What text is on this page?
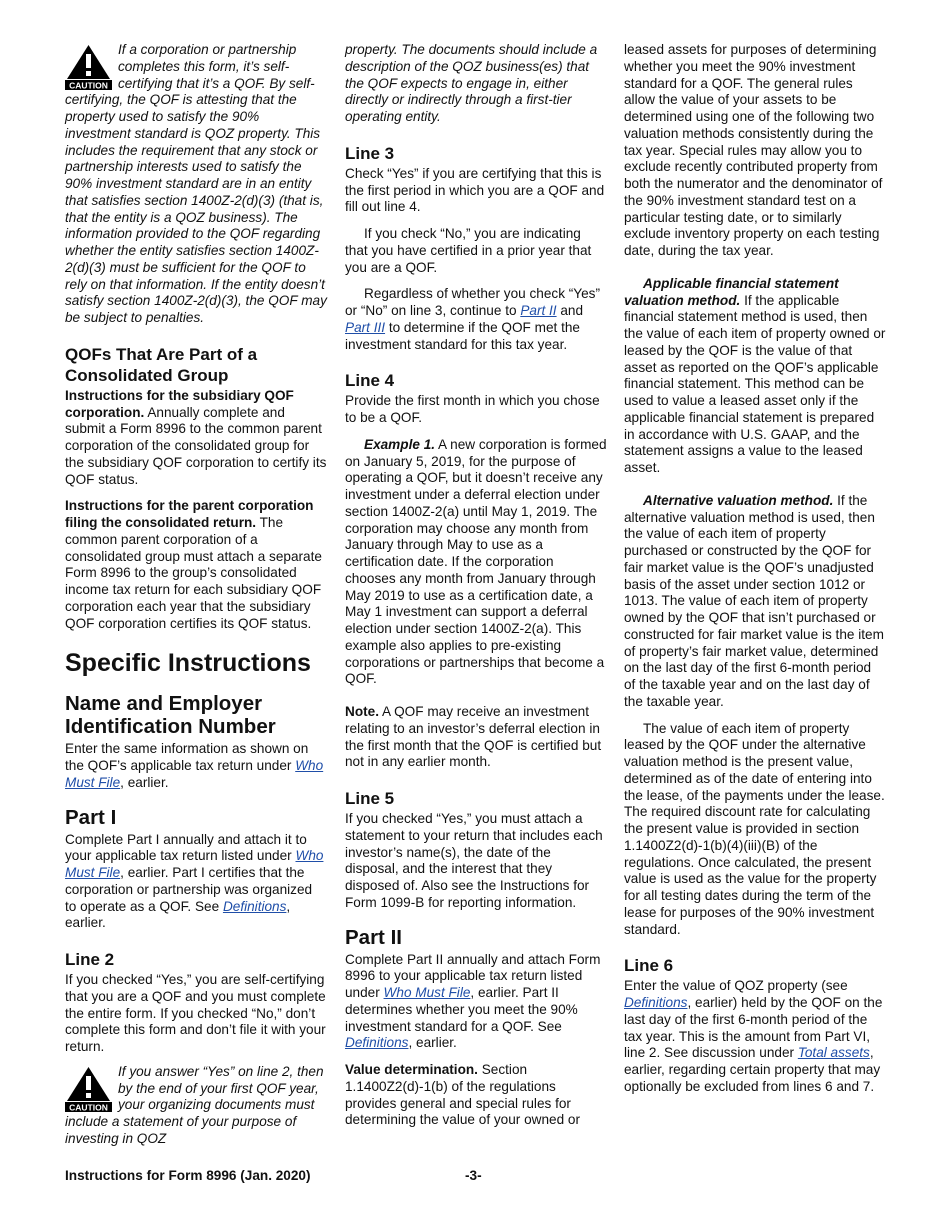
CAUTION

If a corporation or partnership completes this form, it’s self-certifying that it’s a QOF. By self-certifying, the QOF is attesting that the property used to satisfy the 90% investment standard is QOZ property. This includes the requirement that any stock or partnership interests used to satisfy the 90% investment standard are in an entity that satisfies section 1400Z-2(d)(3) (that is, that the entity is a QOZ business). The information provided to the QOF regarding whether the entity satisfies section 1400Z-2(d)(3) must be sufficient for the QOF to rely on that information. If the entity doesn’t satisfy section 1400Z-2(d)(3), the QOF may be subject to penalties.

QOFs That Are Part of a Consolidated Group

Instructions for the subsidiary QOF corporation. Annually complete and submit a Form 8996 to the common parent corporation of the consolidated group for the subsidiary QOF corporation to certify its QOF status.

Instructions for the parent corporation filing the consolidated return. The common parent corporation of a consolidated group must attach a separate Form 8996 to the group’s consolidated income tax return for each subsidiary QOF corporation each year that the subsidiary QOF corporation certifies its QOF status.

Specific Instructions
Name and Employer Identification Number

Enter the same information as shown on the QOF’s applicable tax return under Who Must File, earlier.

Part I

Complete Part I annually and attach it to your applicable tax return listed under Who Must File, earlier. Part I certifies that the corporation or partnership was organized to operate as a QOF. See Definitions, earlier.

Line 2

If you checked “Yes,” you are self-certifying that you are a QOF and you must complete the entire form. If you checked “No,” don’t complete this form and don’t file it with your return.

CAUTION

If you answer “Yes” on line 2, then by the end of your first QOF year, your organizing documents must include a statement of your purpose of investing in QOZ

property. The documents should include a description of the QOZ business(es) that the QOF expects to engage in, either directly or indirectly through a first-tier operating entity.

Line 3

Check “Yes” if you are certifying that this is the first period in which you are a QOF and fill out line 4.

If you check “No,” you are indicating that you have certified in a prior year that you are a QOF.

Regardless of whether you check “Yes” or “No” on line 3, continue to Part II and Part III to determine if the QOF met the investment standard for this tax year.

Line 4

Provide the first month in which you chose to be a QOF.

Example 1. A new corporation is formed on January 5, 2019, for the purpose of operating a QOF, but it doesn’t receive any investment under a deferral election under section 1400Z-2(a) until May 1, 2019. The corporation may choose any month from January through May to use as a certification date. If the corporation chooses any month from January through May 2019 to use as a certification date, a May 1 investment can support a deferral election under section 1400Z-2(a). This example also applies to pre-existing corporations or partnerships that become a QOF.

Note. A QOF may receive an investment relating to an investor’s deferral election in the first month that the QOF is certified but not in any earlier month.

Line 5

If you checked “Yes,” you must attach a statement to your return that includes each investor’s name(s), the date of the disposal, and the interest that they disposed of. Also see the Instructions for Form 1099-B for reporting information.

Part II

Complete Part II annually and attach Form 8996 to your applicable tax return listed under Who Must File, earlier. Part II determines whether you meet the 90% investment standard for a QOF. See Definitions, earlier.

Value determination. Section 1.1400Z2(d)-1(b) of the regulations provides general and special rules for determining the value of your owned or

leased assets for purposes of determining whether you meet the 90% investment standard for a QOF. The general rules allow the value of your assets to be determined using one of the following two valuation methods consistently during the tax year. Special rules may allow you to exclude recently contributed property from both the numerator and the denominator of the 90% investment standard test on a particular testing date, or to similarly exclude inventory property on each testing date, during the tax year.

Applicable financial statement valuation method. If the applicable financial statement method is used, then the value of each item of property owned or leased by the QOF is the value of that asset as reported on the QOF’s applicable financial statement. This method can be used to value a leased asset only if the applicable financial statement is prepared in accordance with U.S. GAAP, and the statement assigns a value to the leased asset.

Alternative valuation method. If the alternative valuation method is used, then the value of each item of property purchased or constructed by the QOF for fair market value is the QOF’s unadjusted basis of the asset under section 1012 or 1013. The value of each item of property owned by the QOF that isn’t purchased or constructed for fair market value is the item of property’s fair market value, determined on the last day of the first 6-month period of the taxable year and on the last day of the taxable year.

The value of each item of property leased by the QOF under the alternative valuation method is the present value, determined as of the date of entering into the lease, of the payments under the lease. The required discount rate for calculating the present value is provided in section 1.1400Z2(d)-1(b)(4)(iii)(B) of the regulations. Once calculated, the present value is used as the value for the property for all testing dates during the term of the lease for purposes of the 90% investment standard.

Line 6

Enter the value of QOZ property (see Definitions, earlier) held by the QOF on the last day of the first 6-month period of the tax year. This is the amount from Part VI, line 2. See discussion under Total assets, earlier, regarding certain property that may optionally be excluded from lines 6 and 7.

Instructions for Form 8996 (Jan. 2020)	-3-
